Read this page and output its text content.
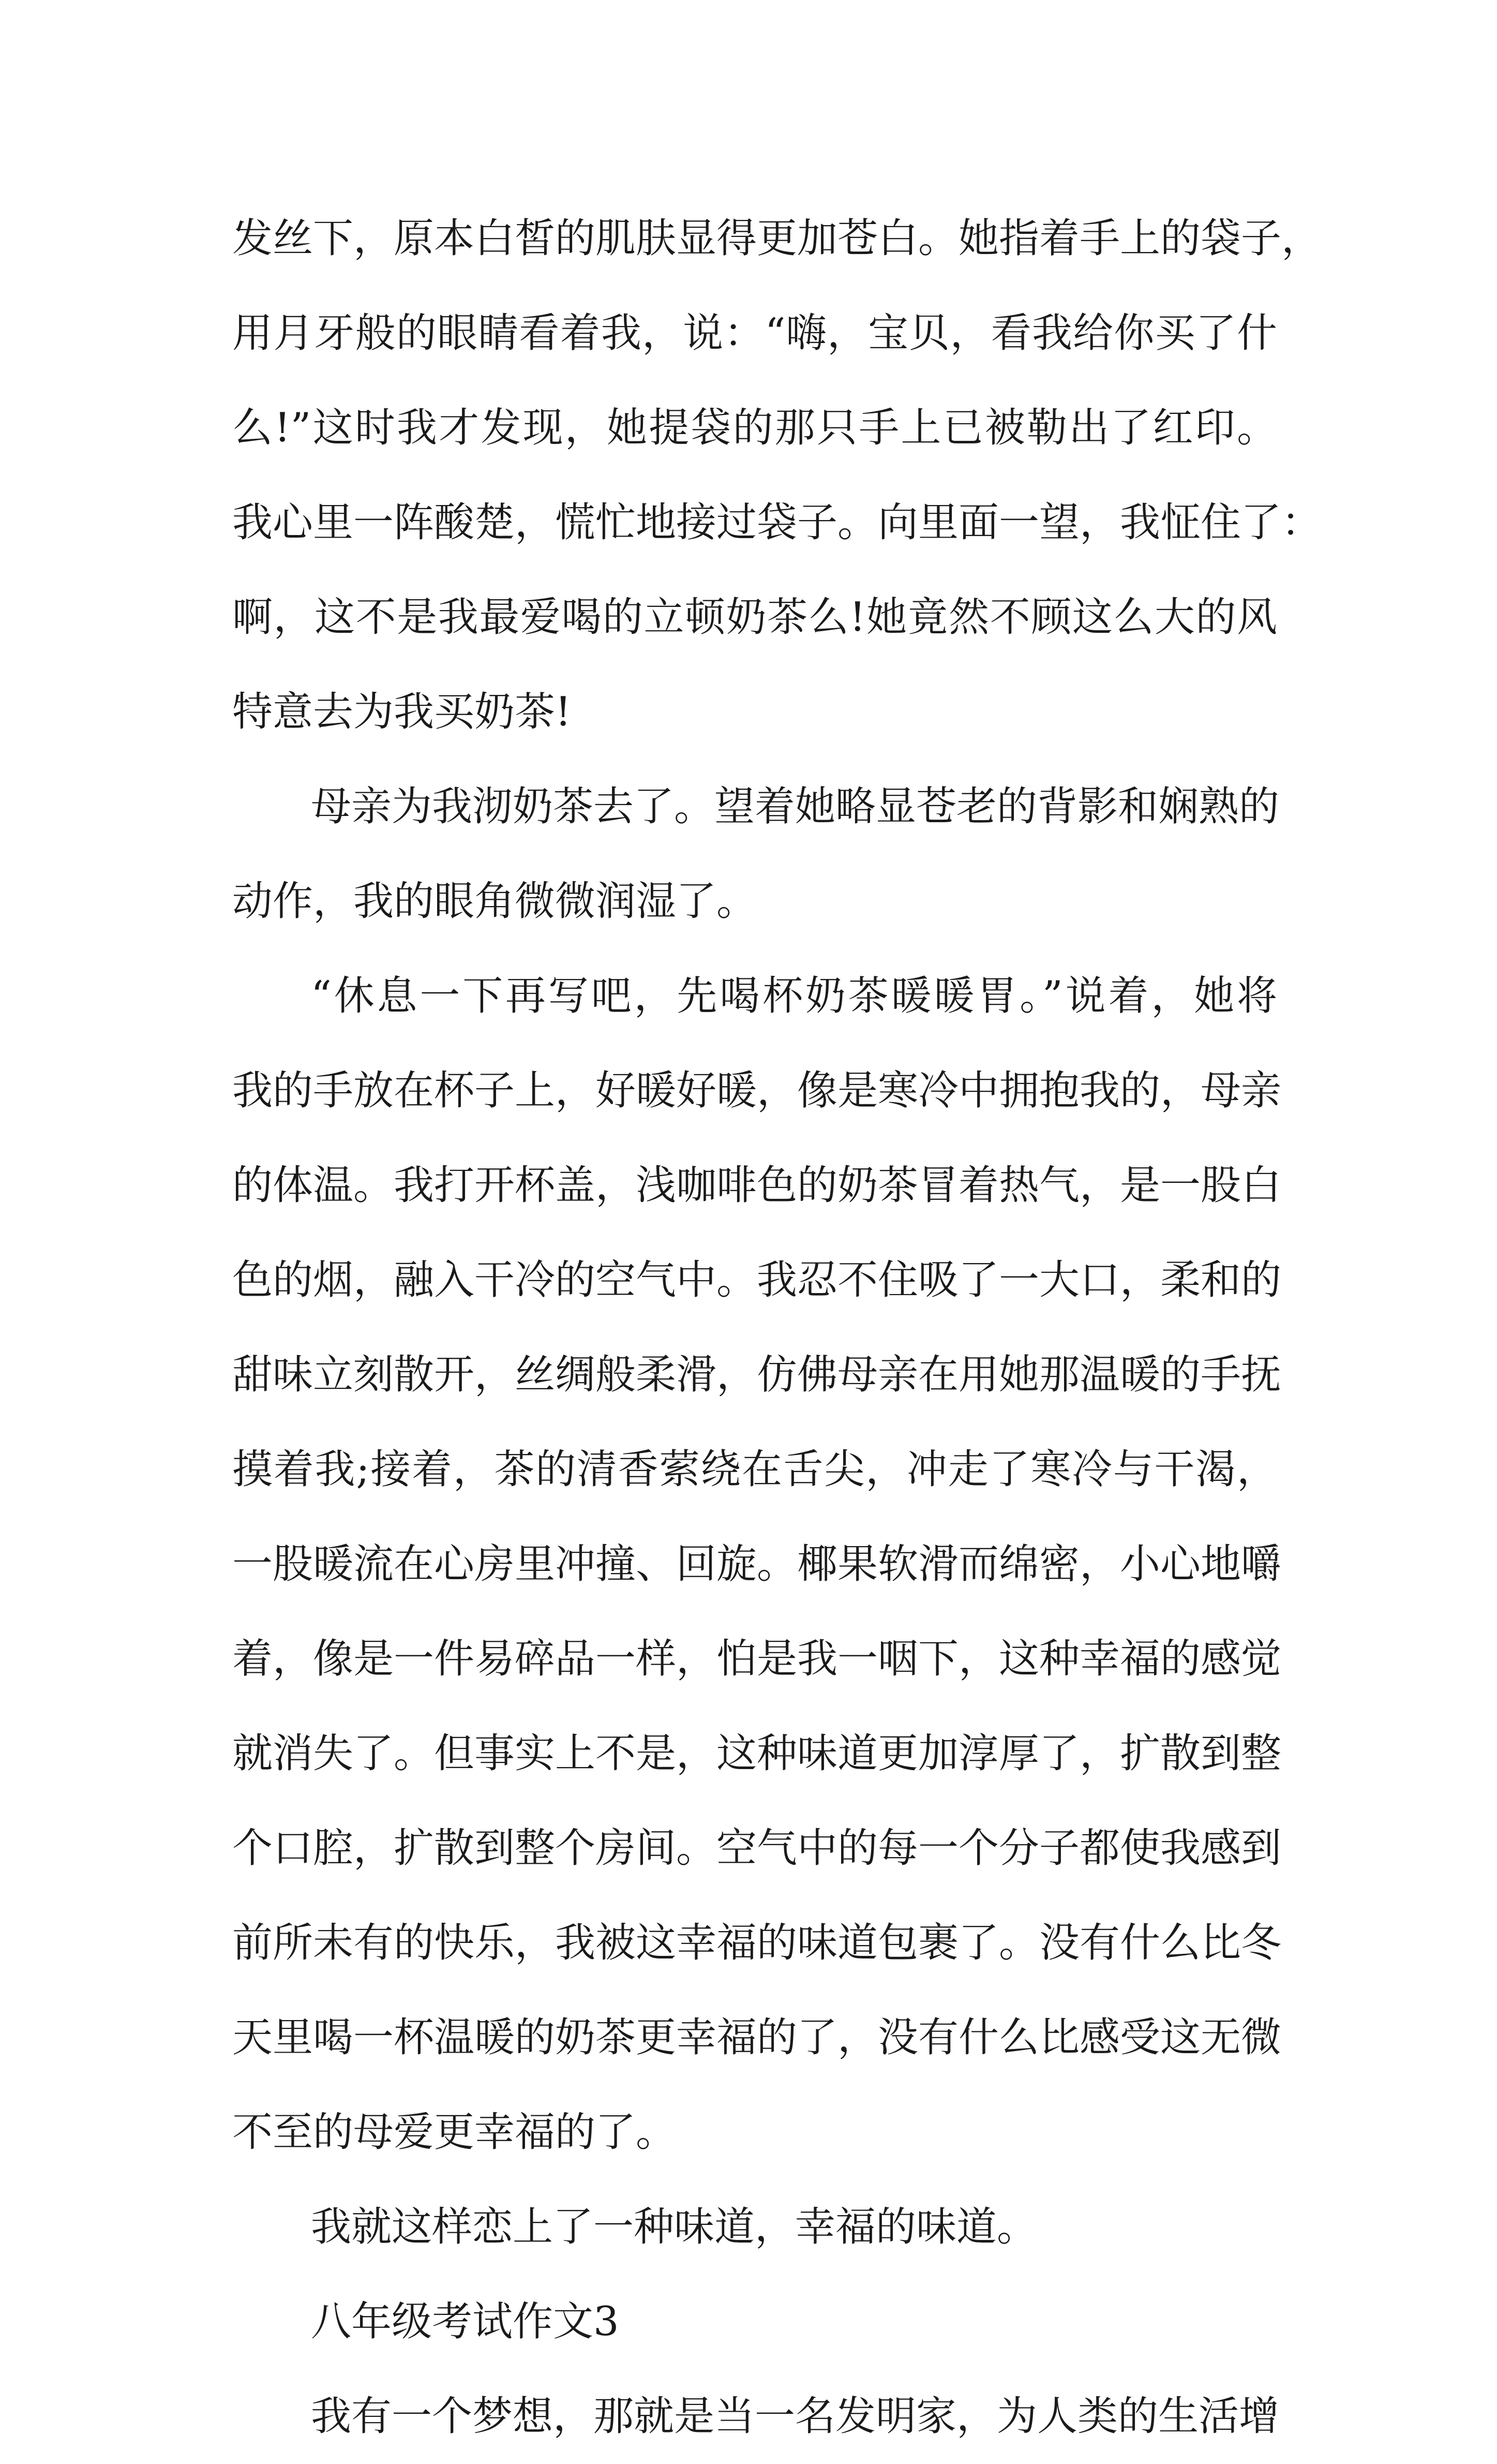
发丝下，原本白皙的肌肤显得更加苍白。她指着手上的袋子，
用月牙般的眼睛看着我，说：“嗨，宝贝，看我给你买了什
么!”这时我才发现，她提袋的那只手上已被勒出了红印。
我心里一阵酸楚，慌忙地接过袋子。向里面一望，我怔住了：
啊，这不是我最爱喝的立顿奶茶么!她竟然不顾这么大的风
特意去为我买奶茶!
母亲为我沏奶茶去了。望着她略显苍老的背影和娴熟的
动作，我的眼角微微润湿了。
“休息一下再写吧，先喝杯奶茶暖暖胃。”说着，她将
我的手放在杯子上，好暖好暖，像是寒冷中拥抱我的，母亲
的体温。我打开杯盖，浅咖啡色的奶茶冒着热气，是一股白
色的烟，融入干冷的空气中。我忍不住吸了一大口，柔和的
甜味立刻散开，丝绸般柔滑，仿佛母亲在用她那温暖的手抚
摸着我;接着，茶的清香萦绕在舌尖，冲走了寒冷与干渴，
一股暖流在心房里冲撞、回旋。椰果软滑而绵密，小心地嚼
着，像是一件易碎品一样，怕是我一咽下，这种幸福的感觉
就消失了。但事实上不是，这种味道更加淳厚了，扩散到整
个口腔，扩散到整个房间。空气中的每一个分子都使我感到
前所未有的快乐，我被这幸福的味道包裹了。没有什么比冬
天里喝一杯温暖的奶茶更幸福的了，没有什么比感受这无微
不至的母爱更幸福的了。
我就这样恋上了一种味道，幸福的味道。
八年级考试作文3
我有一个梦想，那就是当一名发明家，为人类的生活增
